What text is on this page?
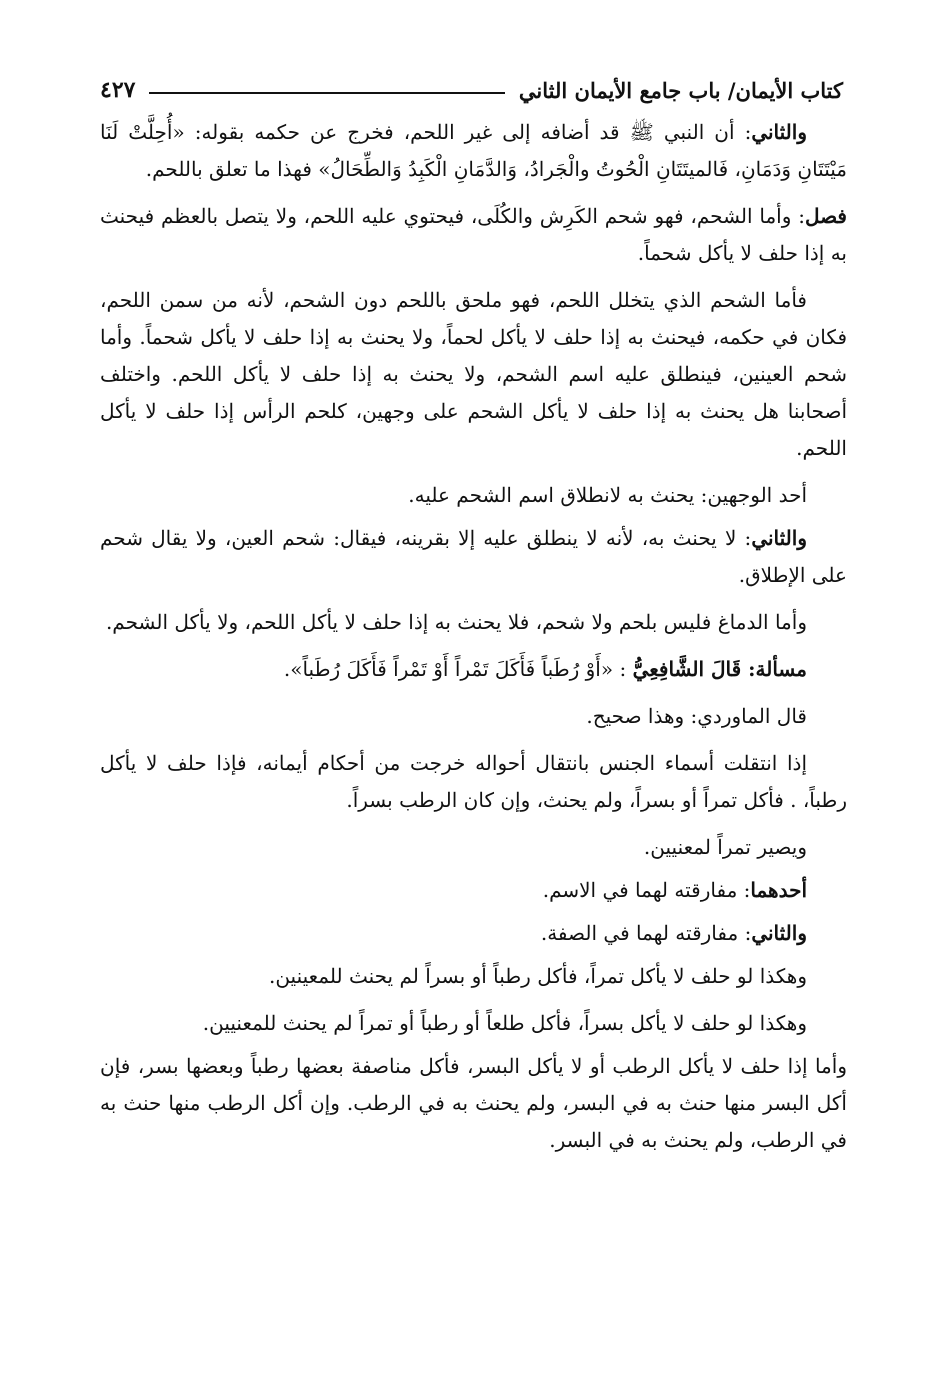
كتاب الأيمان/ باب جامع الأيمان الثاني
٤٢٧

والثاني: أن النبي ﷺ قد أضافه إلى غير اللحم، فخرج عن حكمه بقوله: «أُحِلَّتْ لَنَا مَيْتَتَانِ وَدَمَانِ، فَالميتَتَانِ الْحُوتُ والْجَرادُ، وَالدَّمَانِ الْكَبِدُ وَالطِّحَالُ» فهذا ما تعلق باللحم.

فصل: وأما الشحم، فهو شحم الكَرِش والكُلَى، فيحتوي عليه اللحم، ولا يتصل بالعظم فيحنث به إذا حلف لا يأكل شحماً.

فأما الشحم الذي يتخلل اللحم، فهو ملحق باللحم دون الشحم، لأنه من سمن اللحم، فكان في حكمه، فيحنث به إذا حلف لا يأكل لحماً، ولا يحنث به إذا حلف لا يأكل شحماً. وأما شحم العينين، فينطلق عليه اسم الشحم، ولا يحنث به إذا حلف لا يأكل اللحم. واختلف أصحابنا هل يحنث به إذا حلف لا يأكل الشحم على وجهين، كلحم الرأس إذا حلف لا يأكل اللحم.

أحد الوجهين: يحنث به لانطلاق اسم الشحم عليه.

والثاني: لا يحنث به، لأنه لا ينطلق عليه إلا بقرينه، فيقال: شحم العين، ولا يقال شحم على الإطلاق.

وأما الدماغ فليس بلحم ولا شحم، فلا يحنث به إذا حلف لا يأكل اللحم، ولا يأكل الشحم.

مسألة: قَالَ الشَّافِعِيُّ : «أَوْ رُطَباً فَأَكَلَ تَمْراً أَوْ تَمْراً فَأَكَلَ رُطَباً».

قال الماوردي: وهذا صحيح.

إذا انتقلت أسماء الجنس بانتقال أحواله خرجت من أحكام أيمانه، فإذا حلف لا يأكل رطباً، . فأكل تمراً أو بسراً، ولم يحنث، وإن كان الرطب بسراً.

ويصير تمراً لمعنيين.

أحدهما: مفارقته لهما في الاسم.

والثاني: مفارقته لهما في الصفة.

وهكذا لو حلف لا يأكل تمراً، فأكل رطباً أو بسراً لم يحنث للمعينين.

وهكذا لو حلف لا يأكل بسراً، فأكل طلعاً أو رطباً أو تمراً لم يحنث للمعنيين.

وأما إذا حلف لا يأكل الرطب أو لا يأكل البسر، فأكل مناصفة بعضها رطباً وبعضها بسر، فإن أكل البسر منها حنث به في البسر، ولم يحنث به في الرطب. وإن أكل الرطب منها حنث به في الرطب، ولم يحنث به في البسر.
